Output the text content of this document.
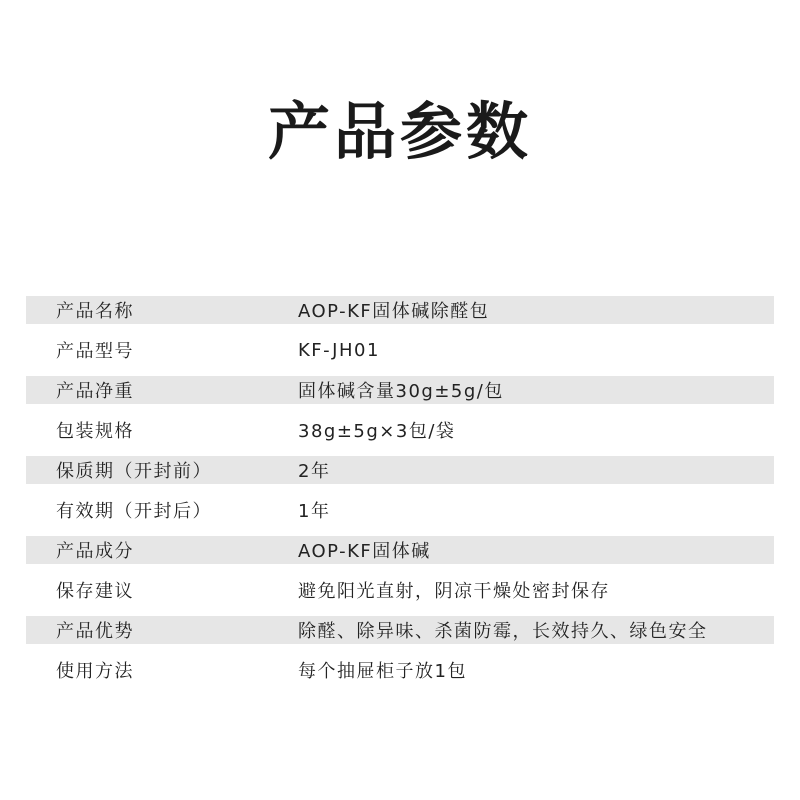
产品参数
产品名称	AOP-KF固体碱除醛包
产品型号	KF-JH01
产品净重	固体碱含量30g±5g/包
包装规格	38g±5g×3包/袋
保质期（开封前）	2年
有效期（开封后）	1年
产品成分	AOP-KF固体碱
保存建议	避免阳光直射，阴凉干燥处密封保存
产品优势	除醛、除异味、杀菌防霉，长效持久、绿色安全
使用方法	每个抽屉柜子放1包
